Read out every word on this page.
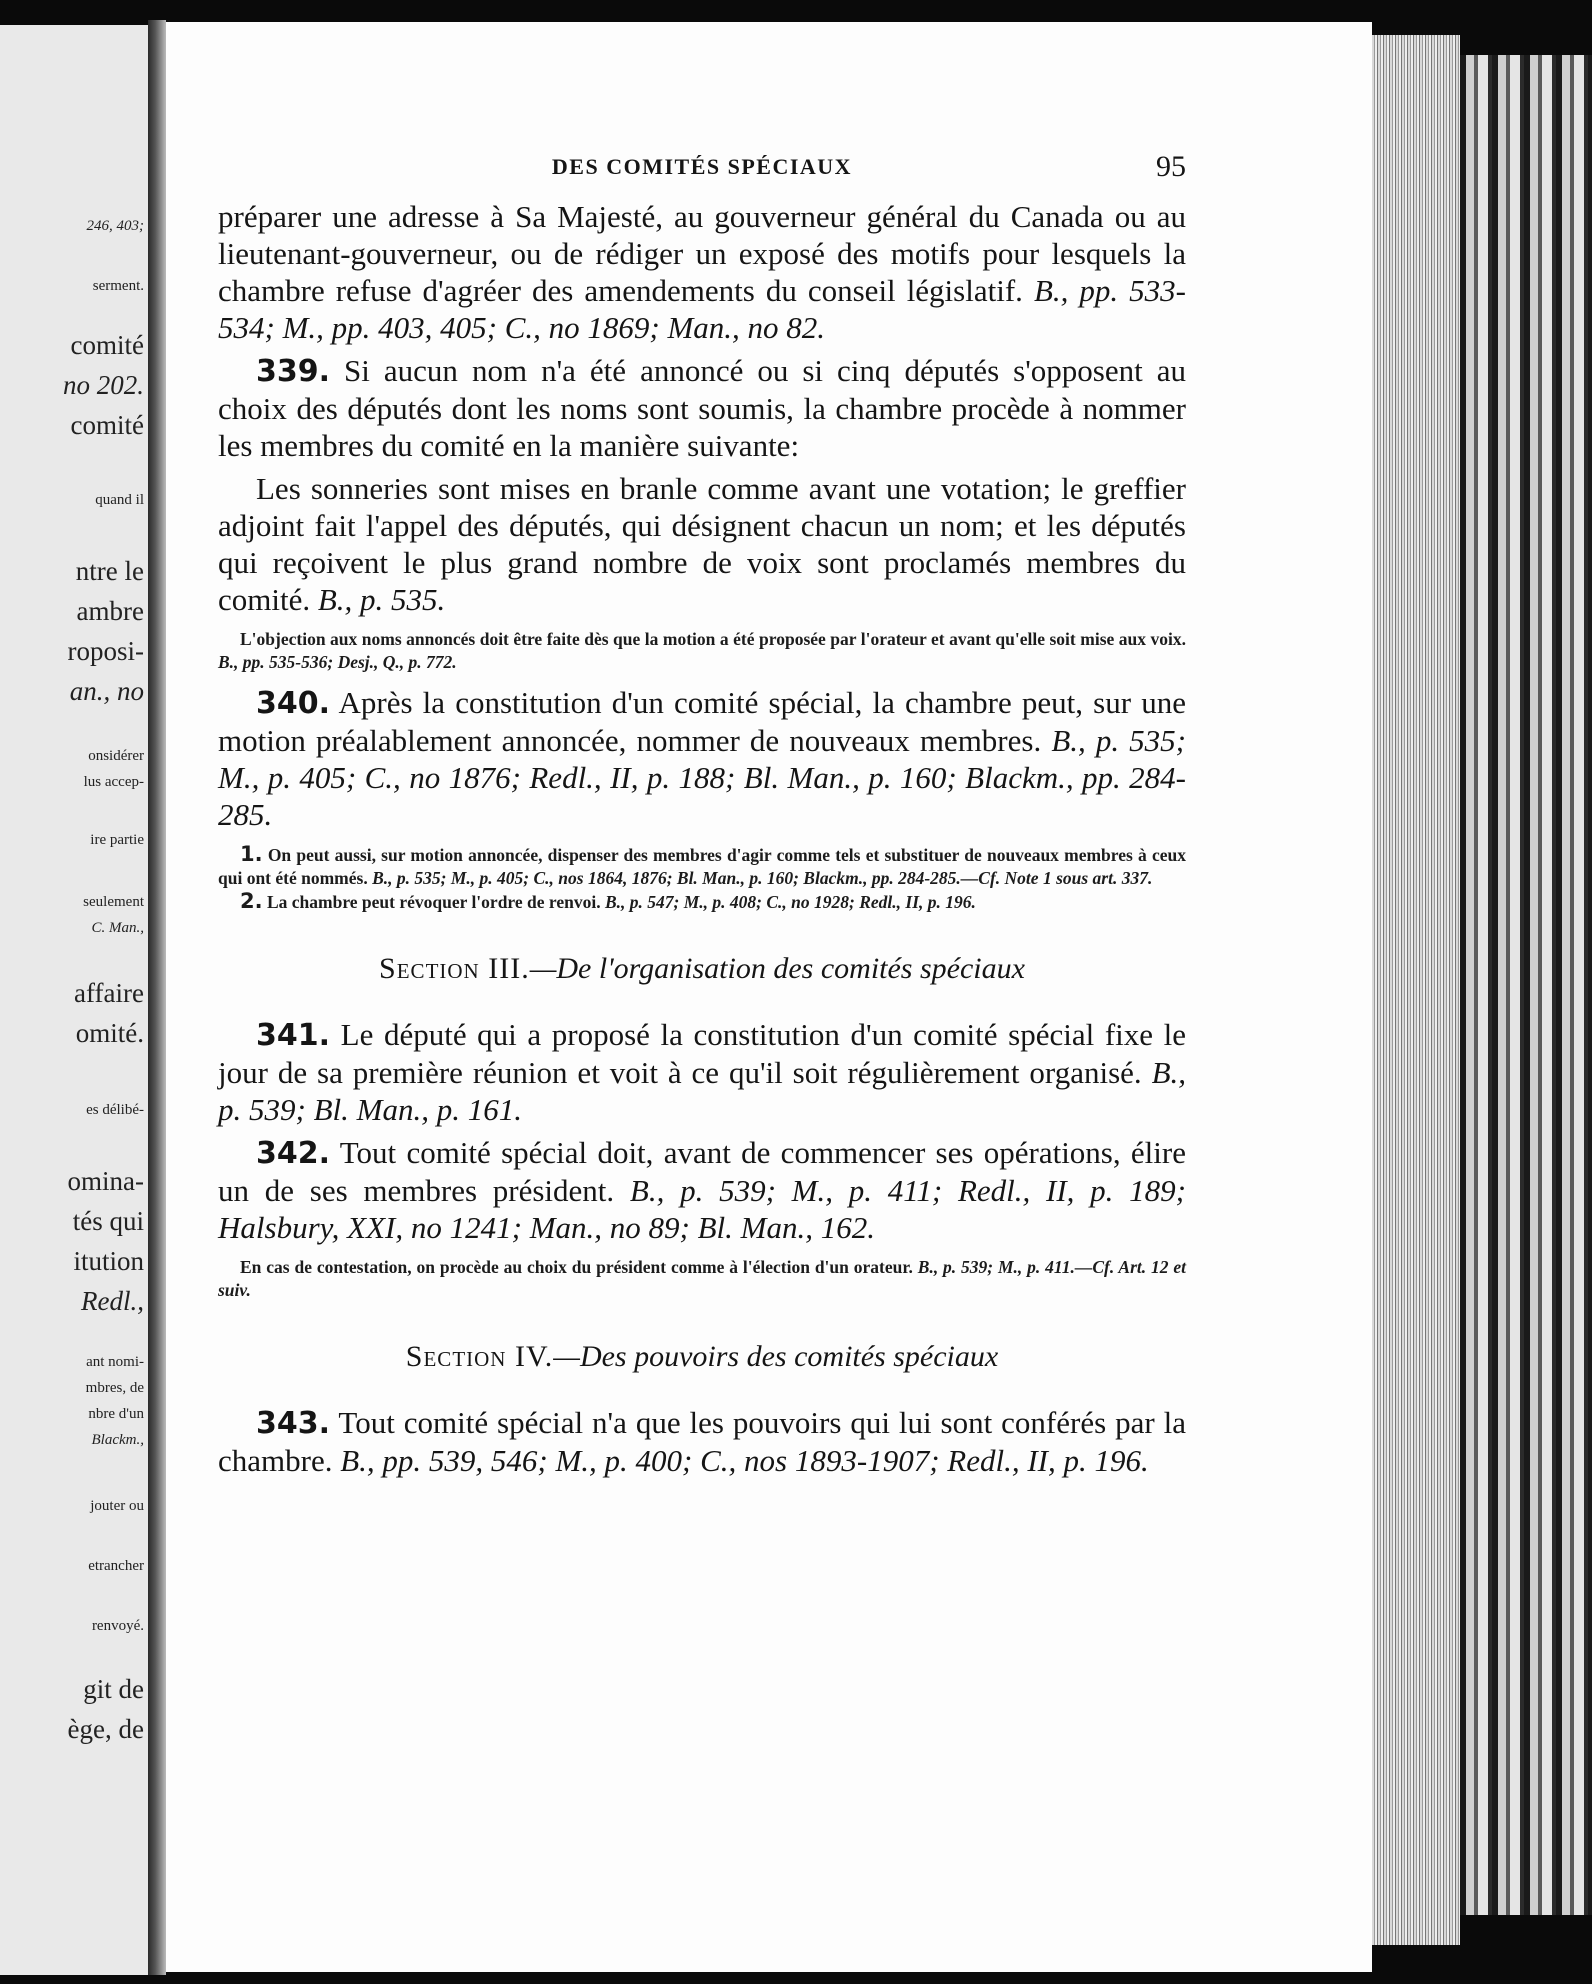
246, 403;
serment.
comité
no 202.
comité
quand il
ntre le
ambre
roposi-
an., no
onsidérer
lus accep-
ire partie
seulement
C. Man.,
affaire
omité.
es délibé-
omina-
tés qui
itution
Redl.,
ant nomi-
mbres, de
nbre d'un
Blackm.,
jouter ou
etrancher
renvoyé.
git de
ège, de
DES COMITÉS SPÉCIAUX	95

préparer une adresse à Sa Majesté, au gouverneur général du Canada ou au lieutenant-gouverneur, ou de rédiger un exposé des motifs pour lesquels la chambre refuse d'agréer des amendements du conseil législatif. B., pp. 533-534; M., pp. 403, 405; C., no 1869; Man., no 82.

339. Si aucun nom n'a été annoncé ou si cinq députés s'opposent au choix des députés dont les noms sont soumis, la chambre procède à nommer les membres du comité en la manière suivante:

Les sonneries sont mises en branle comme avant une votation; le greffier adjoint fait l'appel des députés, qui désignent chacun un nom; et les députés qui reçoivent le plus grand nombre de voix sont proclamés membres du comité. B., p. 535.

L'objection aux noms annoncés doit être faite dès que la motion a été proposée par l'orateur et avant qu'elle soit mise aux voix. B., pp. 535-536; Desj., Q., p. 772.

340. Après la constitution d'un comité spécial, la chambre peut, sur une motion préalablement annoncée, nommer de nouveaux membres. B., p. 535; M., p. 405; C., no 1876; Redl., II, p. 188; Bl. Man., p. 160; Blackm., pp. 284-285.

1. On peut aussi, sur motion annoncée, dispenser des membres d'agir comme tels et substituer de nouveaux membres à ceux qui ont été nommés. B., p. 535; M., p. 405; C., nos 1864, 1876; Bl. Man., p. 160; Blackm., pp. 284-285.—Cf. Note 1 sous art. 337.

2. La chambre peut révoquer l'ordre de renvoi. B., p. 547; M., p. 408; C., no 1928; Redl., II, p. 196.

Section III.—De l'organisation des comités spéciaux

341. Le député qui a proposé la constitution d'un comité spécial fixe le jour de sa première réunion et voit à ce qu'il soit régulièrement organisé. B., p. 539; Bl. Man., p. 161.

342. Tout comité spécial doit, avant de commencer ses opérations, élire un de ses membres président. B., p. 539; M., p. 411; Redl., II, p. 189; Halsbury, XXI, no 1241; Man., no 89; Bl. Man., 162.

En cas de contestation, on procède au choix du président comme à l'élection d'un orateur. B., p. 539; M., p. 411.—Cf. Art. 12 et suiv.

Section IV.—Des pouvoirs des comités spéciaux

343. Tout comité spécial n'a que les pouvoirs qui lui sont conférés par la chambre. B., pp. 539, 546; M., p. 400; C., nos 1893-1907; Redl., II, p. 196.
